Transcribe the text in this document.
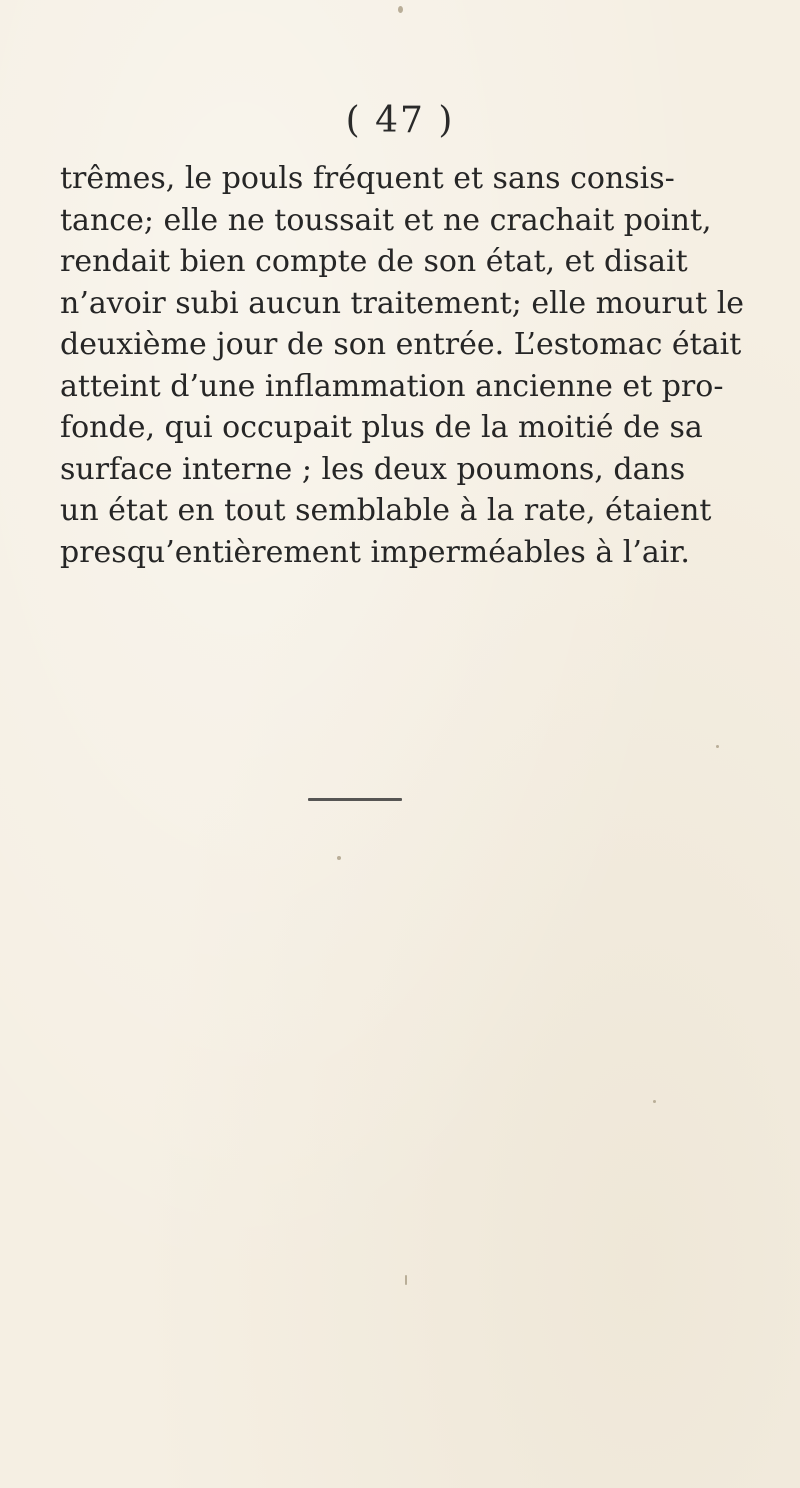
( 47 )
trêmes, le pouls fréquent et sans consis-
tance; elle ne toussait et ne crachait point,
rendait bien compte de son état, et disait
n’avoir subi aucun traitement; elle mourut le
deuxième jour de son entrée. L’estomac était
atteint d’une inflammation ancienne et pro-
fonde, qui occupait plus de la moitié de sa
surface interne ; les deux poumons, dans
un état en tout semblable à la rate, étaient
presqu’entièrement imperméables à l’air.
